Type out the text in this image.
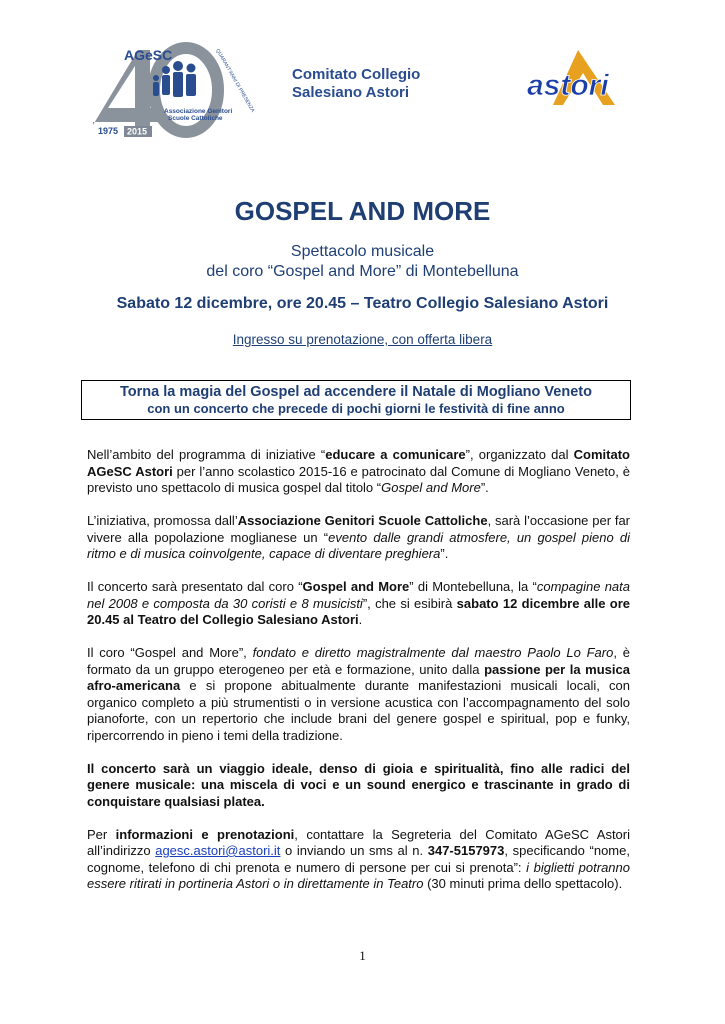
AGeSC	QUARANT'ANNI DI PRESENZA
Associazione Genitori
Scuole Cattoliche
1975 2015
Comitato Collegio
Salesiano Astori	astori
GOSPEL AND MORE
Spettacolo musicale
del coro “Gospel and More” di Montebelluna
Sabato 12 dicembre, ore 20.45 – Teatro Collegio Salesiano Astori
Ingresso su prenotazione, con offerta libera
Torna la magia del Gospel ad accendere il Natale di Mogliano Veneto
con un concerto che precede di pochi giorni le festività di fine anno

Nell’ambito del programma di iniziative “educare a comunicare”, organizzato dal Comitato AGeSC Astori per l’anno scolastico 2015-16 e patrocinato dal Comune di Mogliano Veneto, è previsto uno spettacolo di musica gospel dal titolo “Gospel and More”.

L’iniziativa, promossa dall’Associazione Genitori Scuole Cattoliche, sarà l’occasione per far vivere alla popolazione moglianese un “evento dalle grandi atmosfere, un gospel pieno di ritmo e di musica coinvolgente, capace di diventare preghiera”.

Il concerto sarà presentato dal coro “Gospel and More” di Montebelluna, la “compagine nata nel 2008 e composta da 30 coristi e 8 musicisti”, che si esibirà sabato 12 dicembre alle ore 20.45 al Teatro del Collegio Salesiano Astori.

Il coro “Gospel and More”, fondato e diretto magistralmente dal maestro Paolo Lo Faro, è formato da un gruppo eterogeneo per età e formazione, unito dalla passione per la musica afro-americana e si propone abitualmente durante manifestazioni musicali locali, con organico completo a più strumentisti o in versione acustica con l’accompagnamento del solo pianoforte, con un repertorio che include brani del genere gospel e spiritual, pop e funky, ripercorrendo in pieno i temi della tradizione.

Il concerto sarà un viaggio ideale, denso di gioia e spiritualità, fino alle radici del genere musicale: una miscela di voci e un sound energico e trascinante in grado di conquistare qualsiasi platea.

Per informazioni e prenotazioni, contattare la Segreteria del Comitato AGeSC Astori all’indirizzo agesc.astori@astori.it o inviando un sms al n. 347-5157973, specificando “nome, cognome, telefono di chi prenota e numero di persone per cui si prenota”: i biglietti potranno essere ritirati in portineria Astori o in direttamente in Teatro (30 minuti prima dello spettacolo).

1
